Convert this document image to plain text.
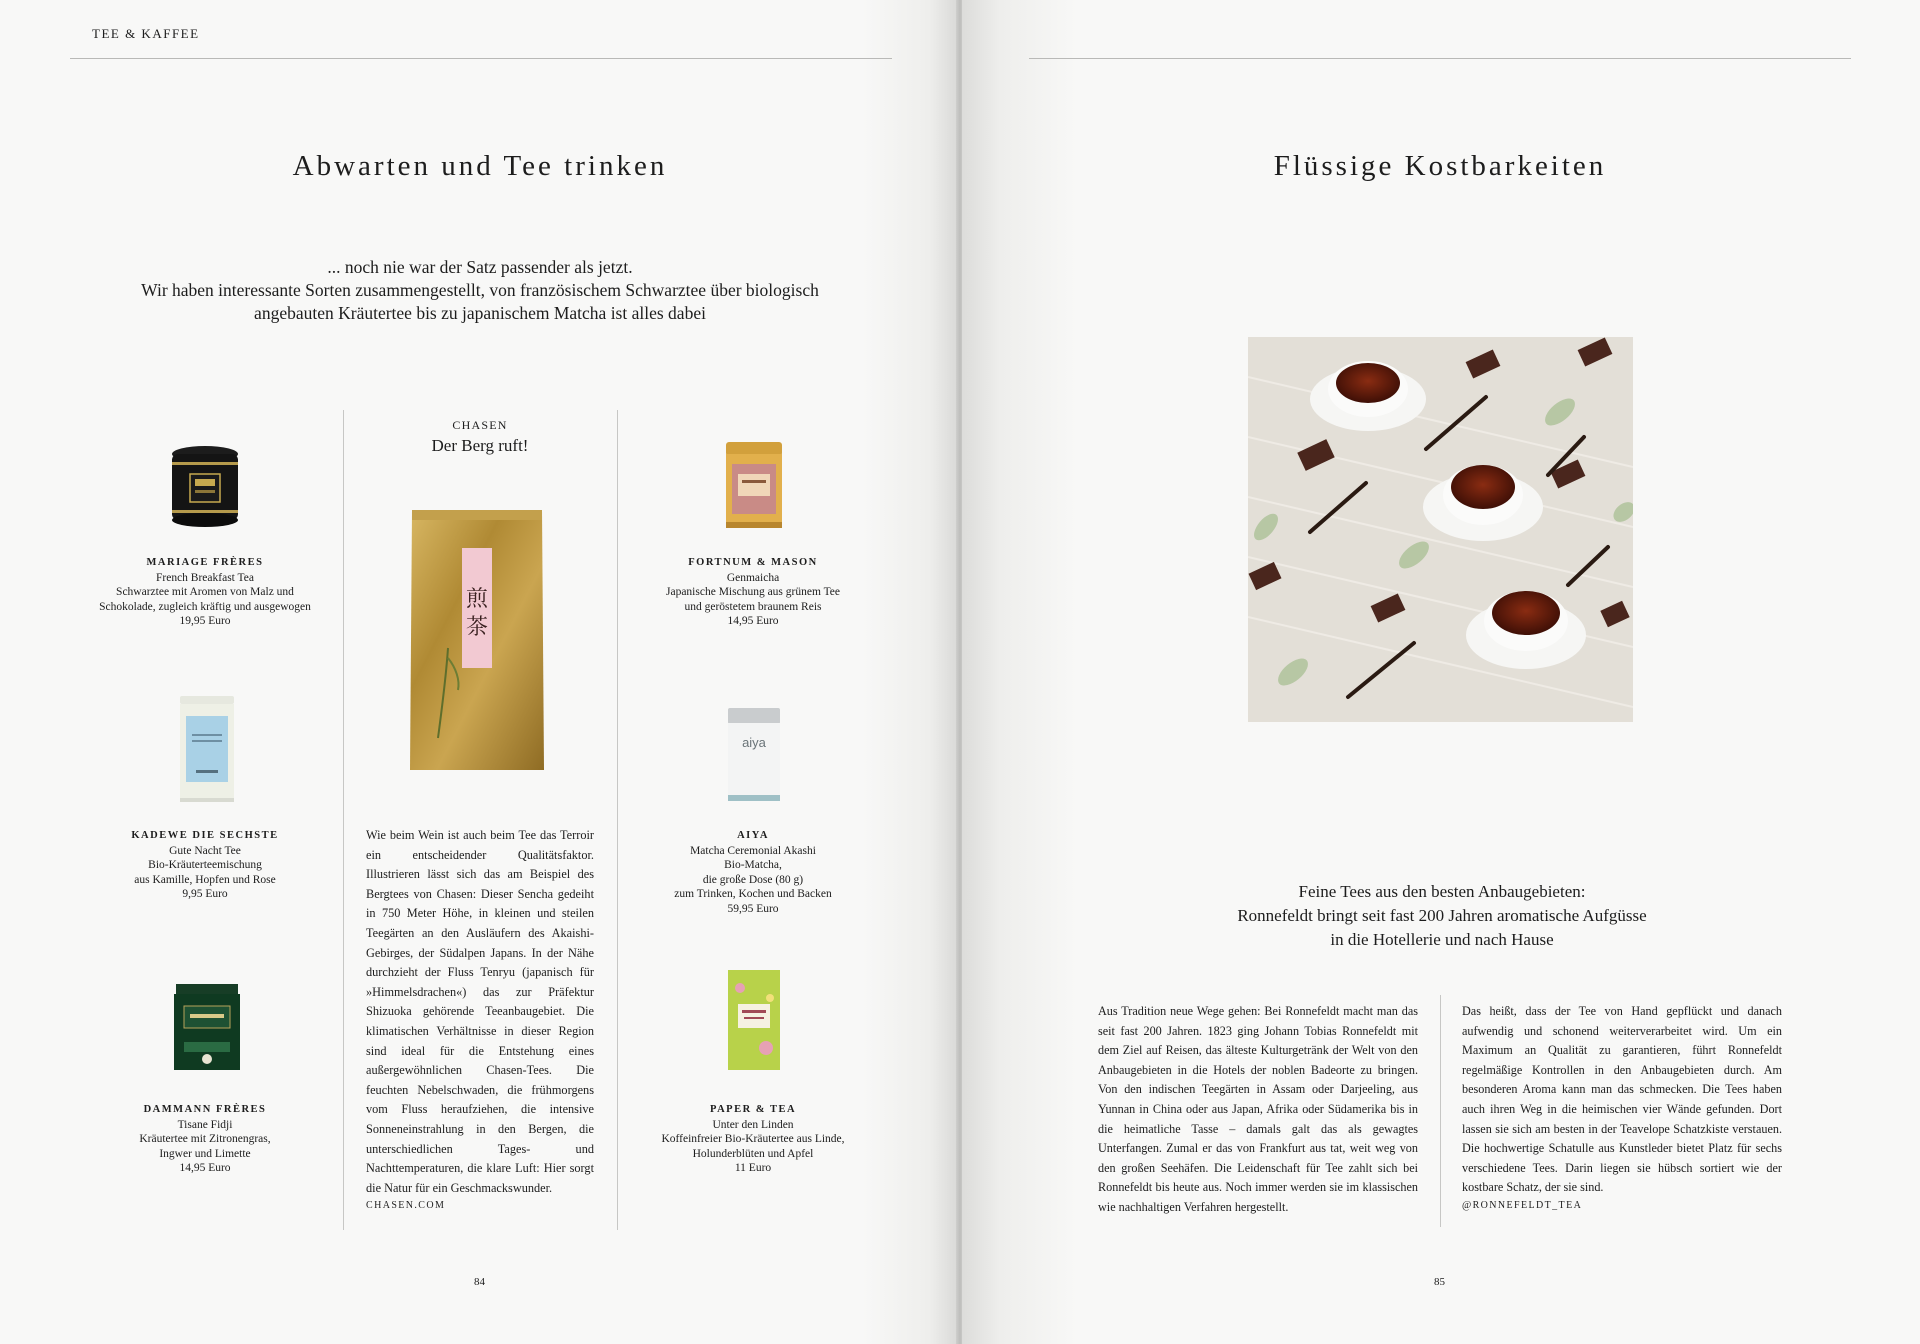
TEE & KAFFEE
Abwarten und Tee trinken
... noch nie war der Satz passender als jetzt.
Wir haben interessante Sorten zusammengestellt, von französischem Schwarztee über biologisch
angebauten Kräutertee bis zu japanischem Matcha ist alles dabei
MARIAGE FRÈRES
French Breakfast Tea
Schwarztee mit Aromen von Malz und
Schokolade, zugleich kräftig und ausgewogen
19,95 Euro
KADEWE DIE SECHSTE
Gute Nacht Tee
Bio-Kräuterteemischung
aus Kamille, Hopfen und Rose
9,95 Euro
DAMMANN FRÈRES
Tisane Fidji
Kräutertee mit Zitronengras,
Ingwer und Limette
14,95 Euro
CHASEN
Der Berg ruft!
煎茶
Wie beim Wein ist auch beim Tee das Terroir ein entscheidender Qualitätsfaktor. Illustrieren lässt sich das am Beispiel des Bergtees von Chasen: Dieser Sencha gedeiht in 750 Meter Höhe, in kleinen und steilen Teegärten an den Ausläufern des Akaishi-Gebirges, der Südalpen Japans. In der Nähe durchzieht der Fluss Tenryu (japanisch für »Himmelsdrachen«) das zur Präfektur Shizuoka gehörende Teeanbaugebiet. Die klimatischen Verhältnisse in dieser Region sind ideal für die Entstehung eines außergewöhnlichen Chasen-Tees. Die feuchten Nebelschwaden, die frühmorgens vom Fluss heraufziehen, die intensive Sonneneinstrahlung in den Bergen, die unterschiedlichen Tages- und Nachttemperaturen, die klare Luft: Hier sorgt die Natur für ein Geschmackswunder.
CHASEN.COM
FORTNUM & MASON
Genmaicha
Japanische Mischung aus grünem Tee
und geröstetem braunem Reis
14,95 Euro
aiya
AIYA
Matcha Ceremonial Akashi
Bio-Matcha,
die große Dose (80 g)
zum Trinken, Kochen und Backen
59,95 Euro
PAPER & TEA
Unter den Linden
Koffeinfreier Bio-Kräutertee aus Linde,
Holunderblüten und Apfel
11 Euro
84
Flüssige Kostbarkeiten
Feine Tees aus den besten Anbaugebieten:
Ronnefeldt bringt seit fast 200 Jahren aromatische Aufgüsse
in die Hotellerie und nach Hause
Aus Tradition neue Wege gehen: Bei Ronnefeldt macht man das seit fast 200 Jahren. 1823 ging Johann Tobias Ronnefeldt mit dem Ziel auf Reisen, das älteste Kulturgetränk der Welt von den Anbaugebieten in die Hotels der noblen Badeorte zu bringen. Von den indischen Teegärten in Assam oder Darjeeling, aus Yunnan in China oder aus Japan, Afrika oder Südamerika bis in die heimatliche Tasse – damals galt das als gewagtes Unterfangen. Zumal er das von Frankfurt aus tat, weit weg von den großen Seehäfen. Die Leidenschaft für Tee zahlt sich bei Ronnefeldt bis heute aus. Noch immer werden sie im klassischen wie nachhaltigen Verfahren hergestellt.
Das heißt, dass der Tee von Hand gepflückt und danach aufwendig und schonend weiterverarbeitet wird. Um ein Maximum an Qualität zu garantieren, führt Ronnefeldt regelmäßige Kontrollen in den Anbaugebieten durch. Am besonderen Aroma kann man das schmecken. Die Tees haben auch ihren Weg in die heimischen vier Wände gefunden. Dort lassen sie sich am besten in der Teavelope Schatzkiste verstauen. Die hochwertige Schatulle aus Kunstleder bietet Platz für sechs verschiedene Tees. Darin liegen sie hübsch sortiert wie der kostbare Schatz, der sie sind.
@RONNEFELDT_TEA
85
